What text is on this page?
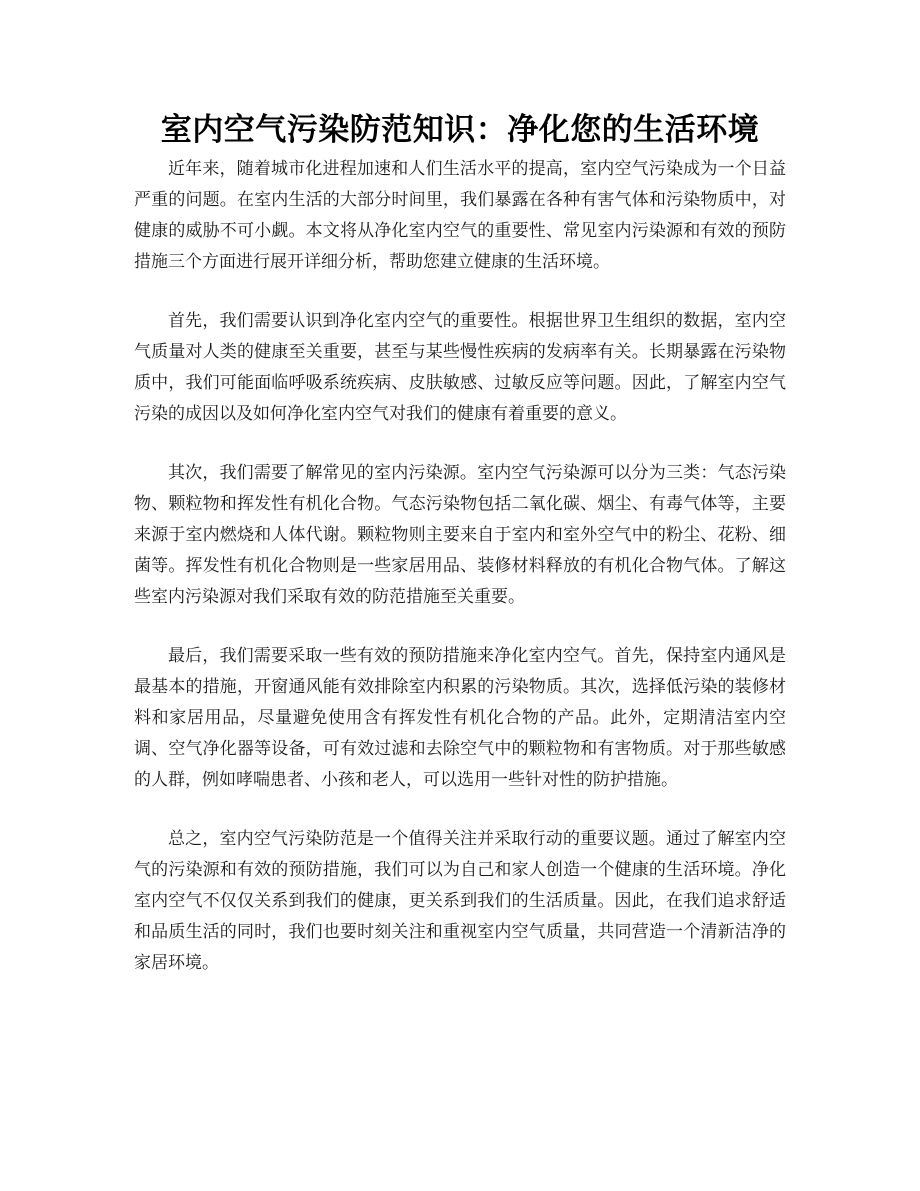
室内空气污染防范知识：净化您的生活环境

近年来，随着城市化进程加速和人们生活水平的提高，室内空气污染成为一个日益严重的问题。在室内生活的大部分时间里，我们暴露在各种有害气体和污染物质中，对健康的威胁不可小觑。本文将从净化室内空气的重要性、常见室内污染源和有效的预防措施三个方面进行展开详细分析，帮助您建立健康的生活环境。

首先，我们需要认识到净化室内空气的重要性。根据世界卫生组织的数据，室内空气质量对人类的健康至关重要，甚至与某些慢性疾病的发病率有关。长期暴露在污染物质中，我们可能面临呼吸系统疾病、皮肤敏感、过敏反应等问题。因此，了解室内空气污染的成因以及如何净化室内空气对我们的健康有着重要的意义。

其次，我们需要了解常见的室内污染源。室内空气污染源可以分为三类：气态污染物、颗粒物和挥发性有机化合物。气态污染物包括二氧化碳、烟尘、有毒气体等，主要来源于室内燃烧和人体代谢。颗粒物则主要来自于室内和室外空气中的粉尘、花粉、细菌等。挥发性有机化合物则是一些家居用品、装修材料释放的有机化合物气体。了解这些室内污染源对我们采取有效的防范措施至关重要。

最后，我们需要采取一些有效的预防措施来净化室内空气。首先，保持室内通风是最基本的措施，开窗通风能有效排除室内积累的污染物质。其次，选择低污染的装修材料和家居用品，尽量避免使用含有挥发性有机化合物的产品。此外，定期清洁室内空调、空气净化器等设备，可有效过滤和去除空气中的颗粒物和有害物质。对于那些敏感的人群，例如哮喘患者、小孩和老人，可以选用一些针对性的防护措施。

总之，室内空气污染防范是一个值得关注并采取行动的重要议题。通过了解室内空气的污染源和有效的预防措施，我们可以为自己和家人创造一个健康的生活环境。净化室内空气不仅仅关系到我们的健康，更关系到我们的生活质量。因此，在我们追求舒适和品质生活的同时，我们也要时刻关注和重视室内空气质量，共同营造一个清新洁净的家居环境。
